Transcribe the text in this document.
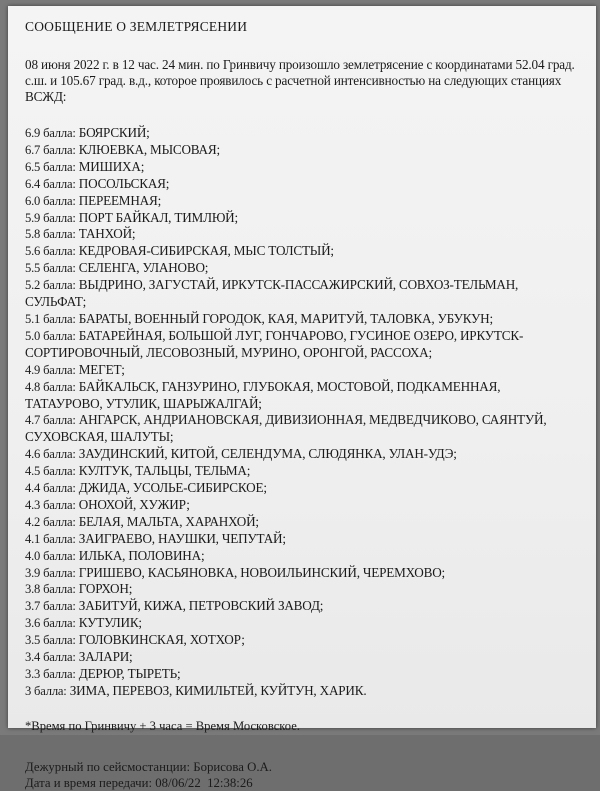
СООБЩЕНИЕ О ЗЕМЛЕТРЯСЕНИИ
08 июня 2022 г. в 12 час. 24 мин. по Гринвичу произошло землетрясение с координатами 52.04 град.
с.ш. и 105.67 град. в.д., которое проявилось с расчетной интенсивностью на следующих станциях
ВСЖД:
6.9 балла: БОЯРСКИЙ;
6.7 балла: КЛЮЕВКА, МЫСОВАЯ;
6.5 балла: МИШИХА;
6.4 балла: ПОСОЛЬСКАЯ;
6.0 балла: ПЕРЕЕМНАЯ;
5.9 балла: ПОРТ БАЙКАЛ, ТИМЛЮЙ;
5.8 балла: ТАНХОЙ;
5.6 балла: КЕДРОВАЯ-СИБИРСКАЯ, МЫС ТОЛСТЫЙ;
5.5 балла: СЕЛЕНГА, УЛАНОВО;
5.2 балла: ВЫДРИНО, ЗАГУСТАЙ, ИРКУТСК-ПАССАЖИРСКИЙ, СОВХОЗ-ТЕЛЬМАН,
СУЛЬФАТ;
5.1 балла: БАРАТЫ, ВОЕННЫЙ ГОРОДОК, КАЯ, МАРИТУЙ, ТАЛОВКА, УБУКУН;
5.0 балла: БАТАРЕЙНАЯ, БОЛЬШОЙ ЛУГ, ГОНЧАРОВО, ГУСИНОЕ ОЗЕРО, ИРКУТСК-
СОРТИРОВОЧНЫЙ, ЛЕСОВОЗНЫЙ, МУРИНО, ОРОНГОЙ, РАССОХА;
4.9 балла: МЕГЕТ;
4.8 балла: БАЙКАЛЬСК, ГАНЗУРИНО, ГЛУБОКАЯ, МОСТОВОЙ, ПОДКАМЕННАЯ,
ТАТАУРОВО, УТУЛИК, ШАРЫЖАЛГАЙ;
4.7 балла: АНГАРСК, АНДРИАНОВСКАЯ, ДИВИЗИОННАЯ, МЕДВЕДЧИКОВО, САЯНТУЙ,
СУХОВСКАЯ, ШАЛУТЫ;
4.6 балла: ЗАУДИНСКИЙ, КИТОЙ, СЕЛЕНДУМА, СЛЮДЯНКА, УЛАН-УДЭ;
4.5 балла: КУЛТУК, ТАЛЬЦЫ, ТЕЛЬМА;
4.4 балла: ДЖИДА, УСОЛЬЕ-СИБИРСКОЕ;
4.3 балла: ОНОХОЙ, ХУЖИР;
4.2 балла: БЕЛАЯ, МАЛЬТА, ХАРАНХОЙ;
4.1 балла: ЗАИГРАЕВО, НАУШКИ, ЧЕПУТАЙ;
4.0 балла: ИЛЬКА, ПОЛОВИНА;
3.9 балла: ГРИШЕВО, КАСЬЯНОВКА, НОВОИЛЬИНСКИЙ, ЧЕРЕМХОВО;
3.8 балла: ГОРХОН;
3.7 балла: ЗАБИТУЙ, КИЖА, ПЕТРОВСКИЙ ЗАВОД;
3.6 балла: КУТУЛИК;
3.5 балла: ГОЛОВКИНСКАЯ, ХОТХОР;
3.4 балла: ЗАЛАРИ;
3.3 балла: ДЕРЮР, ТЫРЕТЬ;
3 балла: ЗИМА, ПЕРЕВОЗ, КИМИЛЬТЕЙ, КУЙТУН, ХАРИК.
*Время по Гринвичу + 3 часа = Время Московское.
Дежурный по сейсмостанции: Борисова О.А.
Дата и время передачи: 08/06/22  12:38:26
